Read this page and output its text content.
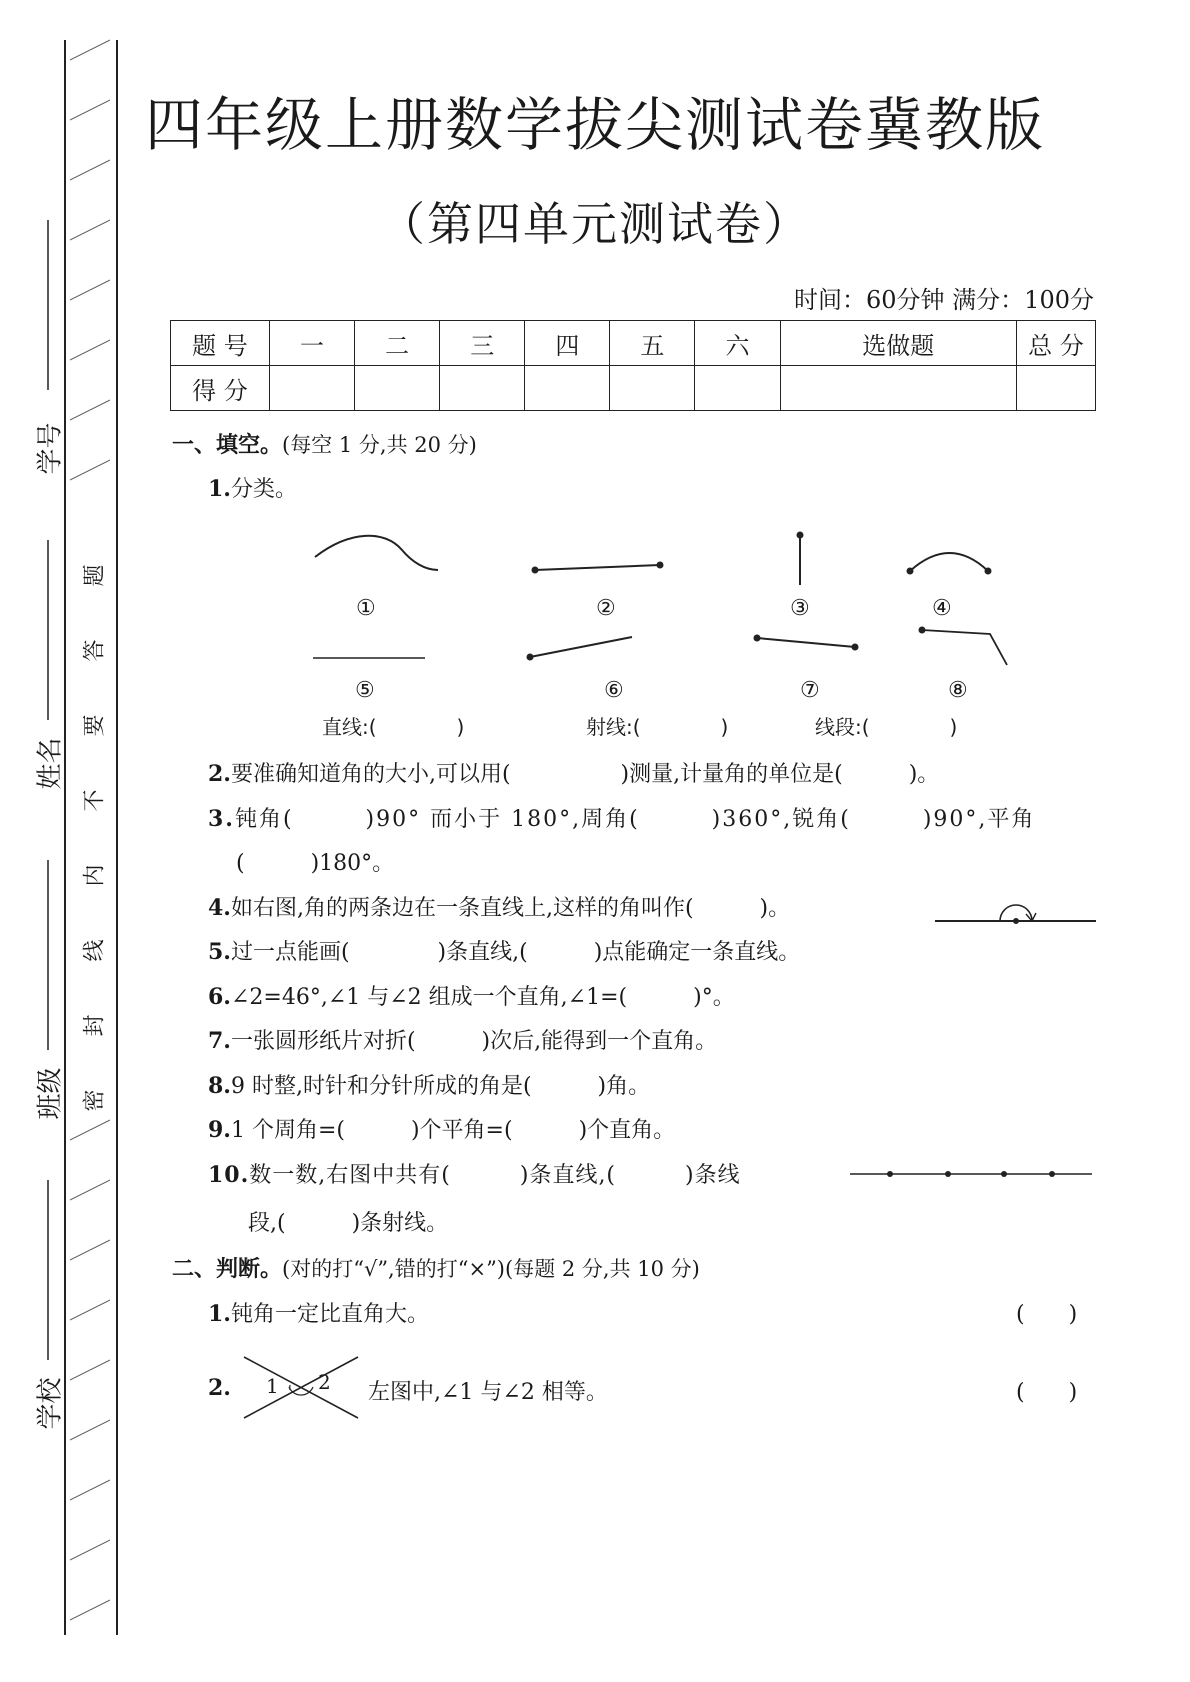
学号
姓名
班级
学校
题
答
要
不
内
线
封
密
四年级上册数学拔尖测试卷冀教版
（第四单元测试卷）
时间：60分钟 满分：100分
题 号	一	二	三	四	五	六	选做题	总 分
得 分								
一、填空。(每空 1 分,共 20 分)
1.分类。
①	②	③	④
⑤	⑥	⑦	⑧
直线:(　　　　)	射线:(　　　　)	线段:(　　　　)
2.要准确知道角的大小,可以用(　　　　　)测量,计量角的单位是(　　　)。
3.钝角(　　　)90° 而小于 180°,周角(　　　)360°,锐角(　　　)90°,平角
(　　　)180°。
4.如右图,角的两条边在一条直线上,这样的角叫作(　　　)。
5.过一点能画(　　　　)条直线,(　　　)点能确定一条直线。
6.∠2=46°,∠1 与∠2 组成一个直角,∠1=(　　　)°。
7.一张圆形纸片对折(　　　)次后,能得到一个直角。
8.9 时整,时针和分针所成的角是(　　　)角。
9.1 个周角=(　　　)个平角=(　　　)个直角。
10.数一数,右图中共有(　　　)条直线,(　　　)条线
段,(　　　)条射线。
二、判断。(对的打“√”,错的打“×”)(每题 2 分,共 10 分)
1.钝角一定比直角大。	(　　)
2. 1 2 左图中,∠1 与∠2 相等。	(　　)
